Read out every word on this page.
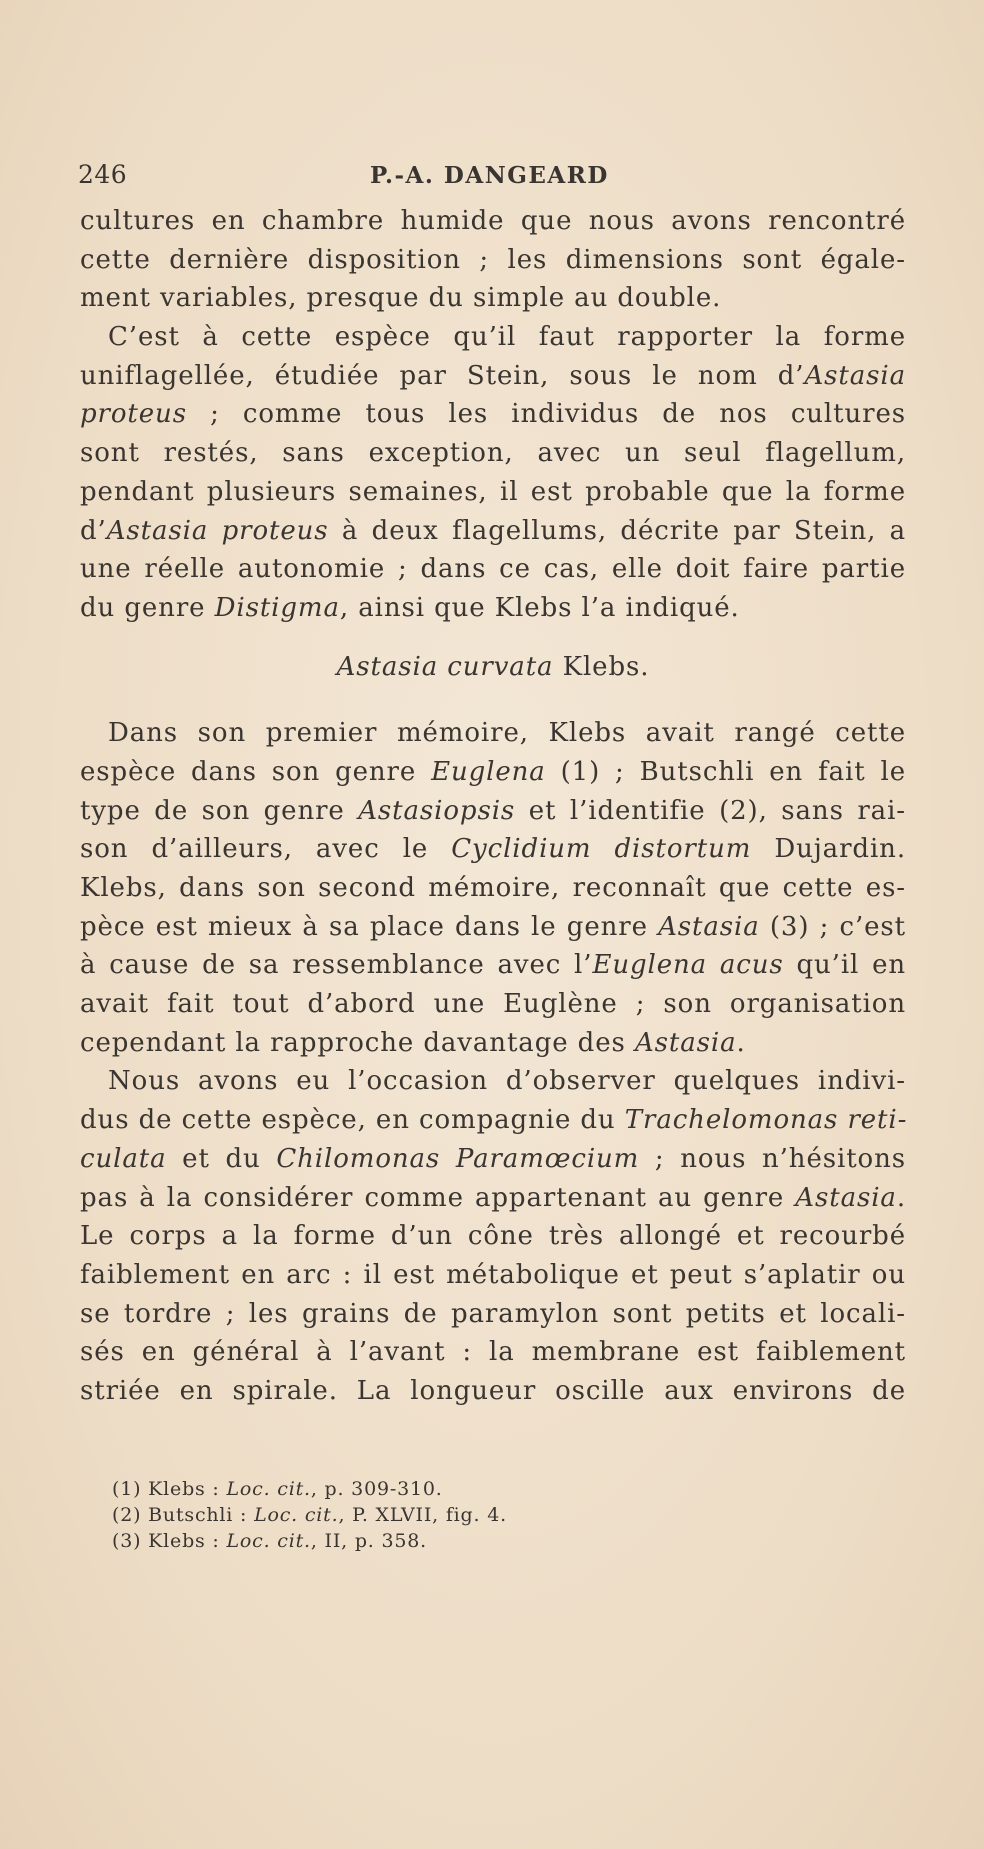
246	P.-A. DANGEARD
cultures en chambre humide que nous avons rencontré
cette dernière disposition ; les dimensions sont égale-
ment variables, presque du simple au double.
C’est à cette espèce qu’il faut rapporter la forme
uniflagellée, étudiée par Stein, sous le nom d’Astasia
proteus ; comme tous les individus de nos cultures
sont restés, sans exception, avec un seul flagellum,
pendant plusieurs semaines, il est probable que la forme
d’Astasia proteus à deux flagellums, décrite par Stein, a
une réelle autonomie ; dans ce cas, elle doit faire partie
du genre Distigma, ainsi que Klebs l’a indiqué.
Astasia curvata Klebs.
Dans son premier mémoire, Klebs avait rangé cette
espèce dans son genre Euglena (1) ; Butschli en fait le
type de son genre Astasiopsis et l’identifie (2), sans rai-
son d’ailleurs, avec le Cyclidium distortum Dujardin.
Klebs, dans son second mémoire, reconnaît que cette es-
pèce est mieux à sa place dans le genre Astasia (3) ; c’est
à cause de sa ressemblance avec l’Euglena acus qu’il en
avait fait tout d’abord une Euglène ; son organisation
cependant la rapproche davantage des Astasia.
Nous avons eu l’occasion d’observer quelques indivi-
dus de cette espèce, en compagnie du Trachelomonas reti-
culata et du Chilomonas Paramœcium ; nous n’hésitons
pas à la considérer comme appartenant au genre Astasia.
Le corps a la forme d’un cône très allongé et recourbé
faiblement en arc : il est métabolique et peut s’aplatir ou
se tordre ; les grains de paramylon sont petits et locali-
sés en général à l’avant : la membrane est faiblement
striée en spirale. La longueur oscille aux environs de
(1) Klebs : Loc. cit., p. 309-310.
(2) Butschli : Loc. cit., P. XLVII, fig. 4.
(3) Klebs : Loc. cit., II, p. 358.
